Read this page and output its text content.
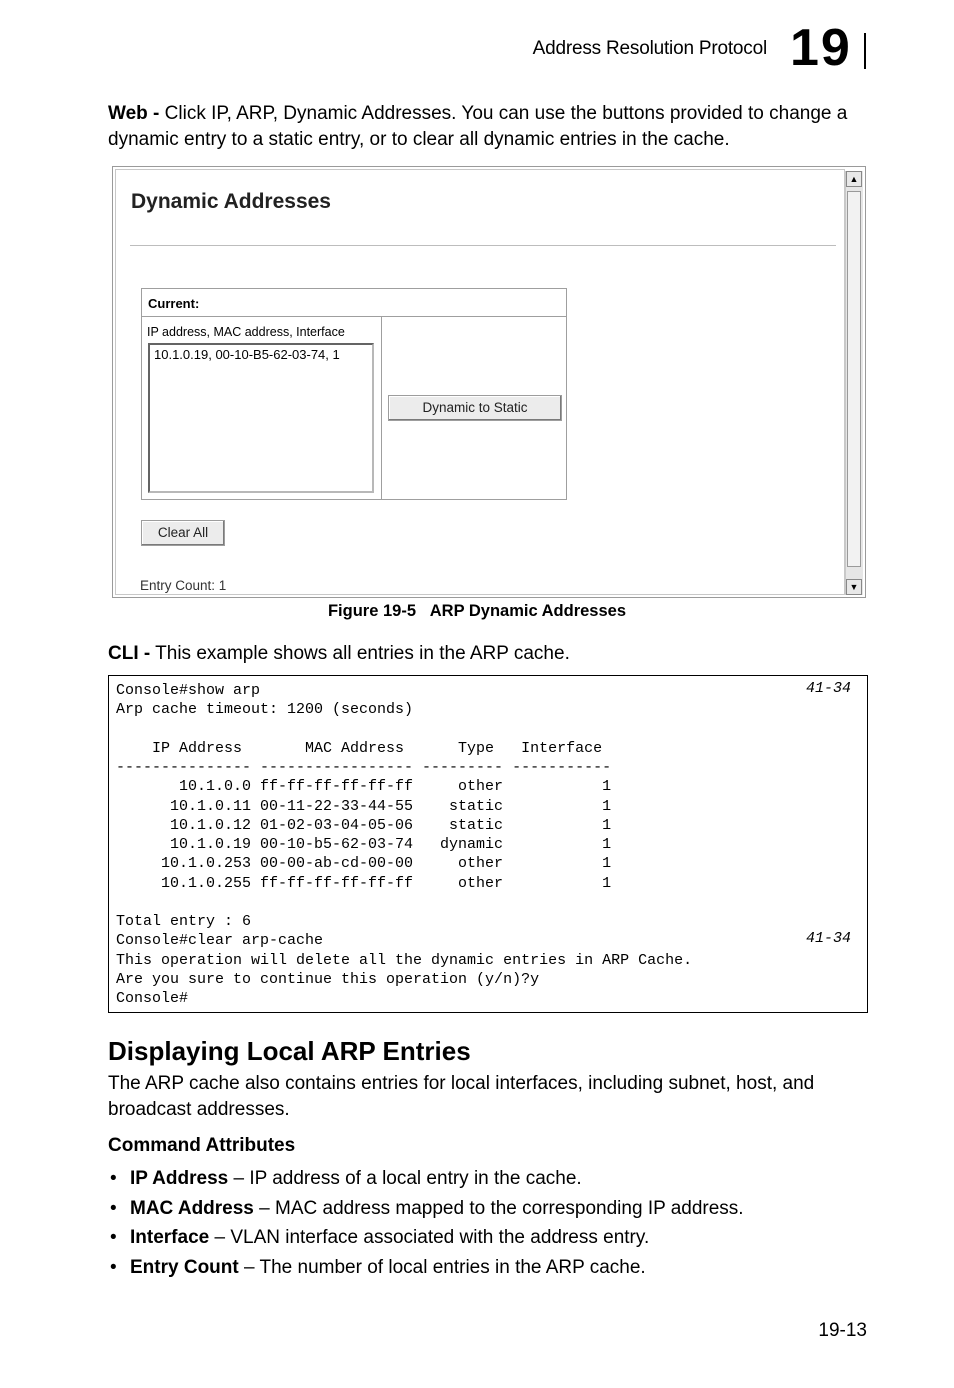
Address Resolution Protocol 19
Web - Click IP, ARP, Dynamic Addresses. You can use the buttons provided to change a dynamic entry to a static entry, or to clear all dynamic entries in the cache.
Dynamic Addresses
Current:
IP address, MAC address, Interface
10.1.0.19, 00-10-B5-62-03-74, 1
Dynamic to Static
Clear All
Entry Count: 1
▲
▼
Figure 19-5 ARP Dynamic Addresses
CLI - This example shows all entries in the ARP cache.
Console#show arp
Arp cache timeout: 1200 (seconds)

IP Address       MAC Address      Type   Interface
--------------- ----------------- --------- -----------
10.1.0.0 ff-ff-ff-ff-ff-ff     other           1
10.1.0.11 00-11-22-33-44-55    static           1
10.1.0.12 01-02-03-04-05-06    static           1
10.1.0.19 00-10-b5-62-03-74   dynamic           1
10.1.0.253 00-00-ab-cd-00-00     other           1
10.1.0.255 ff-ff-ff-ff-ff-ff     other           1

Total entry : 6
Console#clear arp-cache
This operation will delete all the dynamic entries in ARP Cache.
Are you sure to continue this operation (y/n)?y
Console#
41-34
41-34
Displaying Local ARP Entries
The ARP cache also contains entries for local interfaces, including subnet, host, and broadcast addresses.
Command Attributes
• IP Address – IP address of a local entry in the cache.
• MAC Address – MAC address mapped to the corresponding IP address.
• Interface – VLAN interface associated with the address entry.
• Entry Count – The number of local entries in the ARP cache.
19-13
